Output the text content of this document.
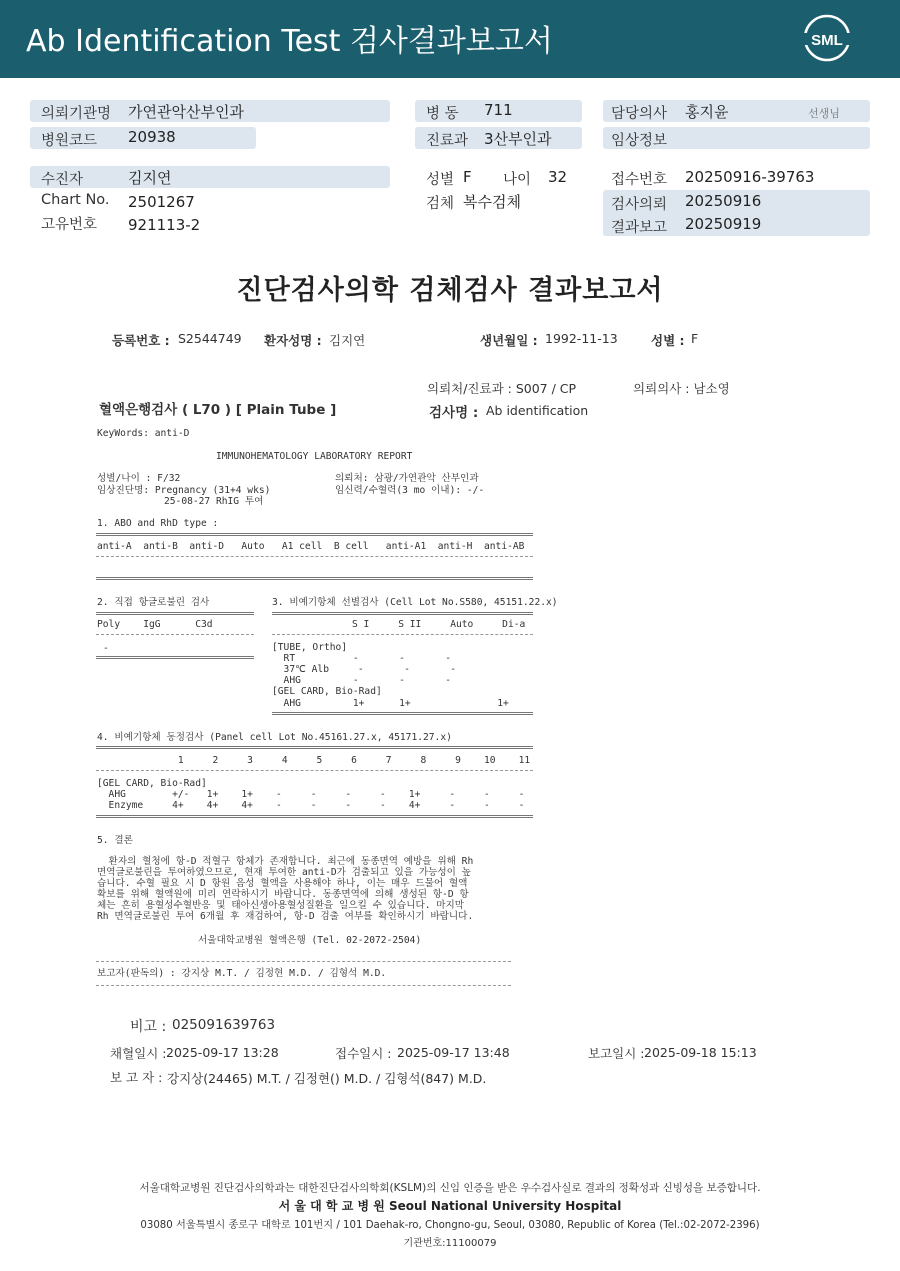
Ab Identification Test 검사결과보고서	SML
의뢰기관명 가연관악산부인과
병원코드 20938
병 동 711
진료과 3산부인과
담당의사 홍지윤	선생님
임상정보
수진자	김지연
Chart No. 2501267
고유번호 921113-2
성별 F 나이 32
검체 복수검체
접수번호 20250916-39763
검사의뢰 20250916
결과보고 20250919
진단검사의학 검체검사 결과보고서
등록번호 : S2544749 환자성명 : 김지연	생년월일 : 1992-11-13	성별 : F
의뢰처/진료과 : S007 / CP	의뢰의사 : 남소영
혈액은행검사 ( L70 ) [ Plain Tube ]	검사명 : Ab identification
KeyWords: anti-D
IMMUNOHEMATOLOGY LABORATORY REPORT
성별/나이 : F/32
임상진단명: Pregnancy (31+4 wks)
25-08-27 RhIG 투여
의뢰처: 삼광/가연관악 산부인과
임신력/수혈력(3 mo 이내): -/-
1. ABO and RhD type :
anti-A  anti-B  anti-D   Auto   A1 cell  B cell   anti-A1  anti-H  anti-AB
2. 직접 항글로불린 검사
Poly    IgG      C3d
-
3. 비예기항체 선별검사 (Cell Lot No.S580, 45151.22.x)
S I     S II     Auto     Di-a
[TUBE, Ortho]
RT          -       -       -
37℃ Alb     -       -       -
AHG         -       -       -
[GEL CARD, Bio-Rad]
AHG         1+      1+               1+
4. 비예기항체 동정검사 (Panel cell Lot No.45161.27.x, 45171.27.x)
1     2     3     4     5     6     7     8     9    10    11
[GEL CARD, Bio-Rad]
AHG        +/-   1+    1+    -     -     -     -    1+     -     -     -
Enzyme     4+    4+    4+    -     -     -     -    4+     -     -     -
5. 결론
환자의 혈청에 항-D 적혈구 항체가 존재합니다. 최근에 동종면역 예방을 위해 Rh
면역글로불린을 투여하였으므로, 현재 투여한 anti-D가 검출되고 있을 가능성이 높
습니다. 수혈 필요 시 D 항원 음성 혈액을 사용해야 하나, 이는 매우 드물어 혈액
확보를 위해 혈액원에 미리 연락하시기 바랍니다. 동종면역에 의해 생성된 항-D 항
체는 흔히 용혈성수혈반응 및 태아신생아용혈성질환을 일으킬 수 있습니다. 마지막
Rh 면역글로불린 투여 6개월 후 재검하여, 항-D 검출 여부를 확인하시기 바랍니다.
서울대학교병원 혈액은행 (Tel. 02-2072-2504)
보고자(판독의) : 강지상 M.T. / 김정현 M.D. / 김형석 M.D.
비고 : 025091639763
채혈일시 : 2025-09-17 13:28	접수일시 : 2025-09-17 13:48	보고일시 : 2025-09-18 15:13
보 고 자 : 강지상(24465) M.T. / 김정현() M.D. / 김형석(847) M.D.
서울대학교병원 진단검사의학과는 대한진단검사의학회(KSLM)의 신임 인증을 받은 우수검사실로 결과의 정확성과 신빙성을 보증합니다.
서 울 대 학 교 병 원 Seoul National University Hospital
03080 서울특별시 종로구 대학로 101번지 / 101 Daehak-ro, Chongno-gu, Seoul, 03080, Republic of Korea (Tel.:02-2072-2396)
기관번호:11100079
